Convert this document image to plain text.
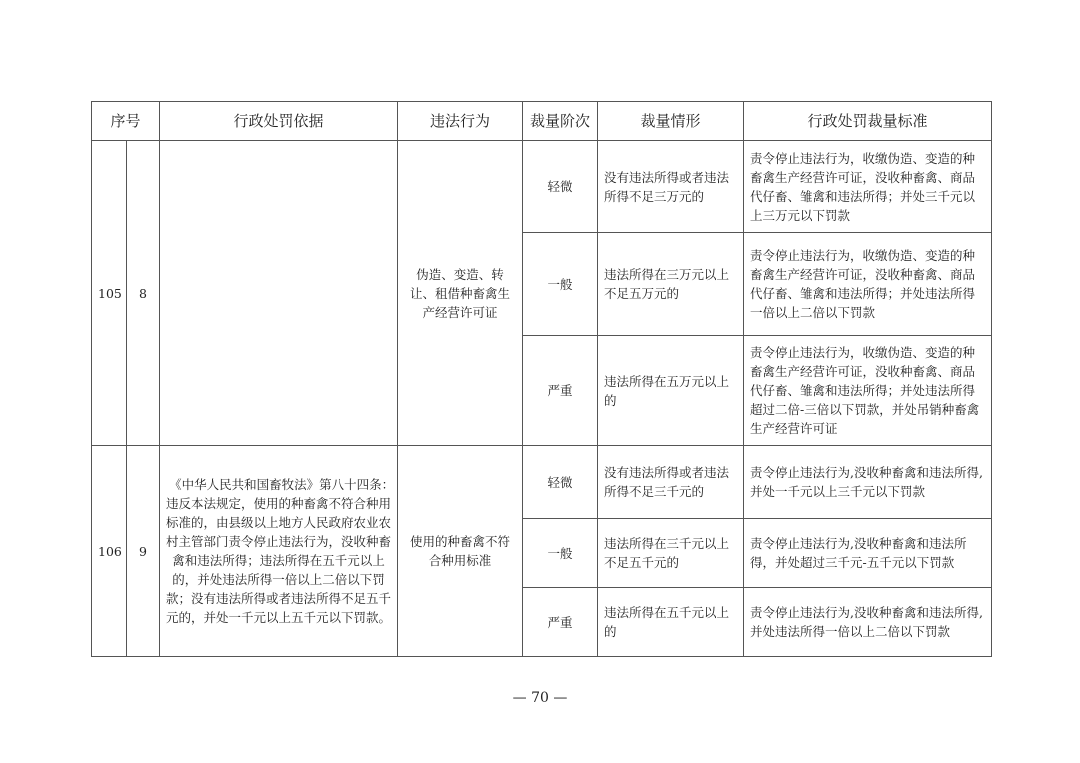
序号		行政处罚依据	违法行为	裁量阶次	裁量情形	行政处罚裁量标准
105	8		伪造、变造、转让、租借种畜禽生产经营许可证	轻微	没有违法所得或者违法所得不足三万元的	责令停止违法行为，收缴伪造、变造的种畜禽生产经营许可证，没收种畜禽、商品代仔畜、雏禽和违法所得；并处三千元以上三万元以下罚款
				一般	违法所得在三万元以上不足五万元的	责令停止违法行为，收缴伪造、变造的种畜禽生产经营许可证，没收种畜禽、商品代仔畜、雏禽和违法所得；并处违法所得一倍以上二倍以下罚款
				严重	违法所得在五万元以上的	责令停止违法行为，收缴伪造、变造的种畜禽生产经营许可证，没收种畜禽、商品代仔畜、雏禽和违法所得；并处违法所得超过二倍-三倍以下罚款，并处吊销种畜禽生产经营许可证
106	9	《中华人民共和国畜牧法》第八十四条：　违反本法规定，使用的种畜禽不符合种用标准的，由县级以上地方人民政府农业农村主管部门责令停止违法行为，没收种畜禽和违法所得；违法所得在五千元以上的，并处违法所得一倍以上二倍以下罚款；没有违法所得或者违法所得不足五千元的，并处一千元以上五千元以下罚款。	使用的种畜禽不符合种用标准	轻微	没有违法所得或者违法所得不足三千元的	责令停止违法行为,没收种畜禽和违法所得,并处一千元以上三千元以下罚款
				一般	违法所得在三千元以上不足五千元的	责令停止违法行为,没收种畜禽和违法所得，并处超过三千元-五千元以下罚款
				严重	违法所得在五千元以上的	责令停止违法行为,没收种畜禽和违法所得,并处违法所得一倍以上二倍以下罚款
— 70 —
